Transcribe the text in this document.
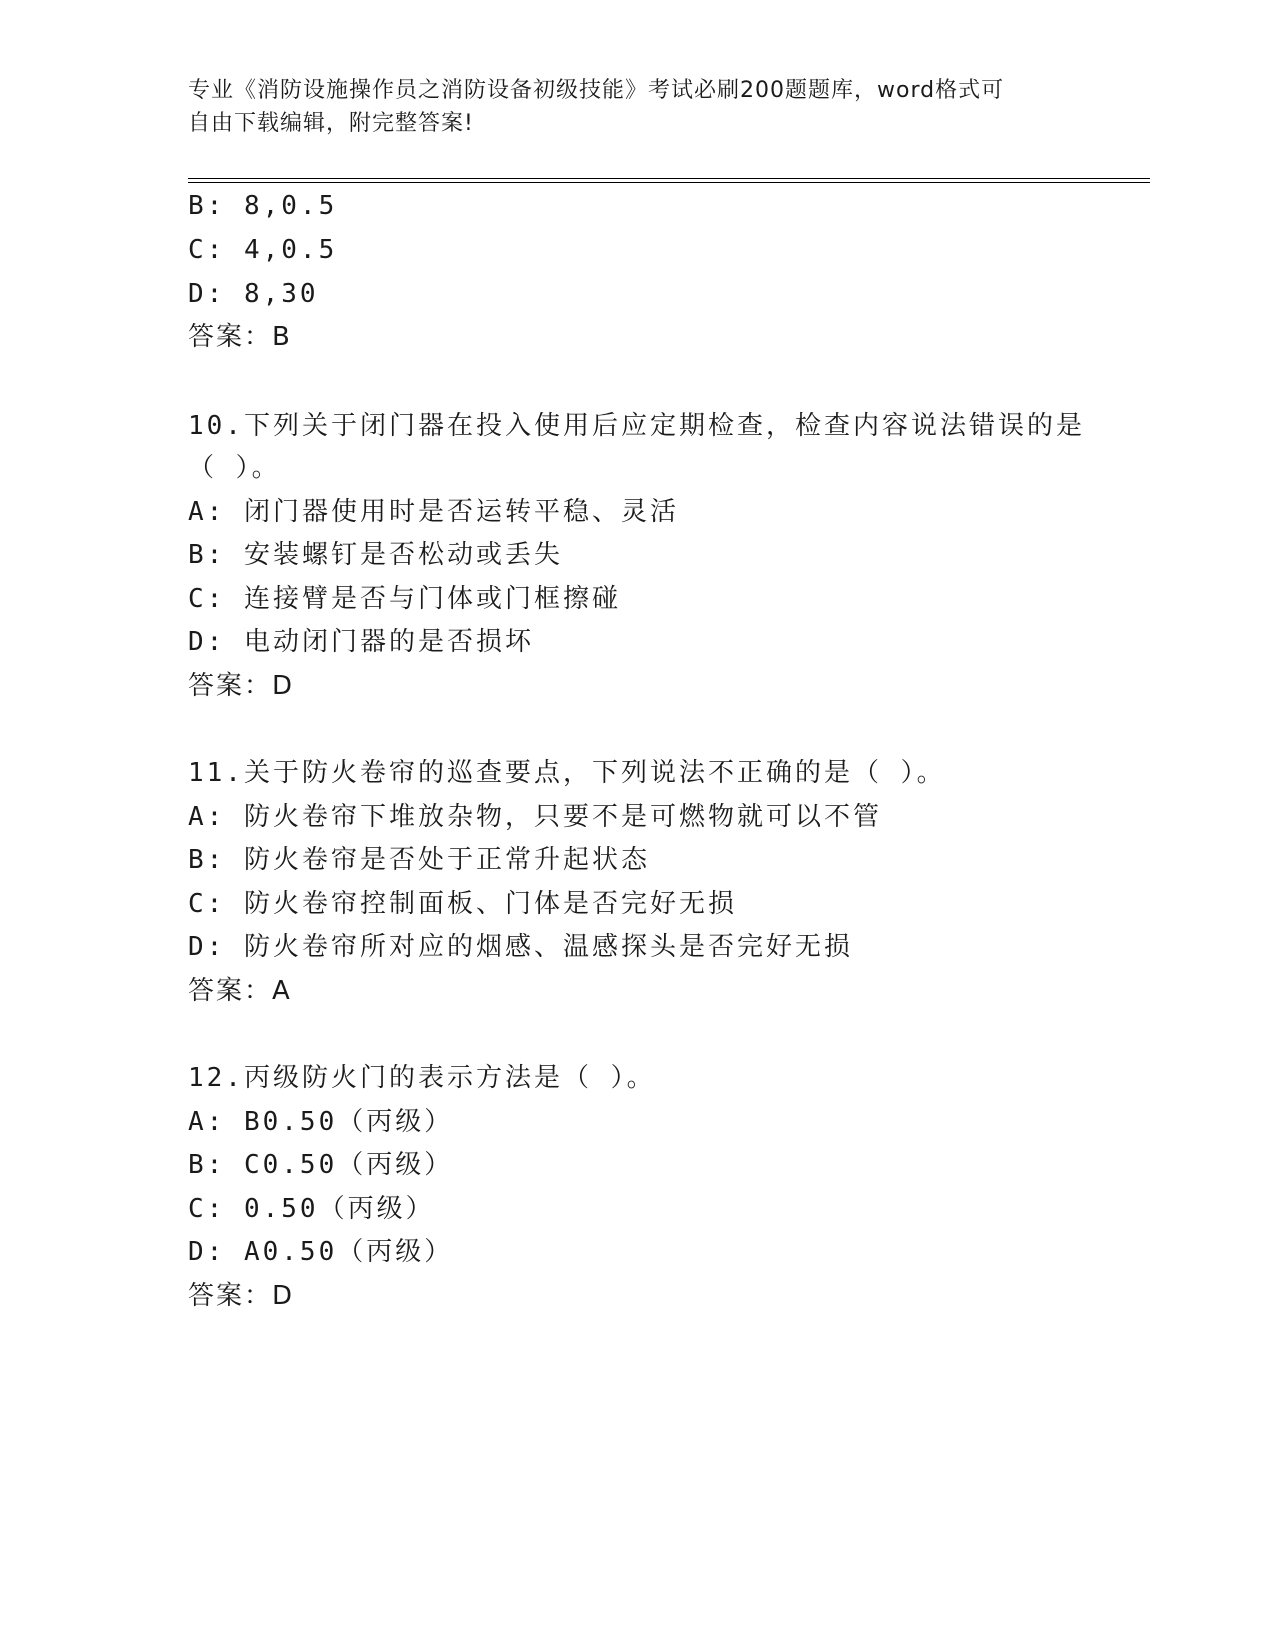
专业《消防设施操作员之消防设备初级技能》考试必刷200题题库，word格式可
自由下载编辑，附完整答案!
B: 8,0.5
C: 4,0.5
D: 8,30
答案：B
10.下列关于闭门器在投入使用后应定期检查，检查内容说法错误的是
（ ）。
A: 闭门器使用时是否运转平稳、灵活
B: 安装螺钉是否松动或丢失
C: 连接臂是否与门体或门框擦碰
D: 电动闭门器的是否损坏
答案：D
11.关于防火卷帘的巡查要点，下列说法不正确的是（ ）。
A: 防火卷帘下堆放杂物，只要不是可燃物就可以不管
B: 防火卷帘是否处于正常升起状态
C: 防火卷帘控制面板、门体是否完好无损
D: 防火卷帘所对应的烟感、温感探头是否完好无损
答案：A
12.丙级防火门的表示方法是（ ）。
A: B0.50（丙级）
B: C0.50（丙级）
C: 0.50（丙级）
D: A0.50（丙级）
答案：D
